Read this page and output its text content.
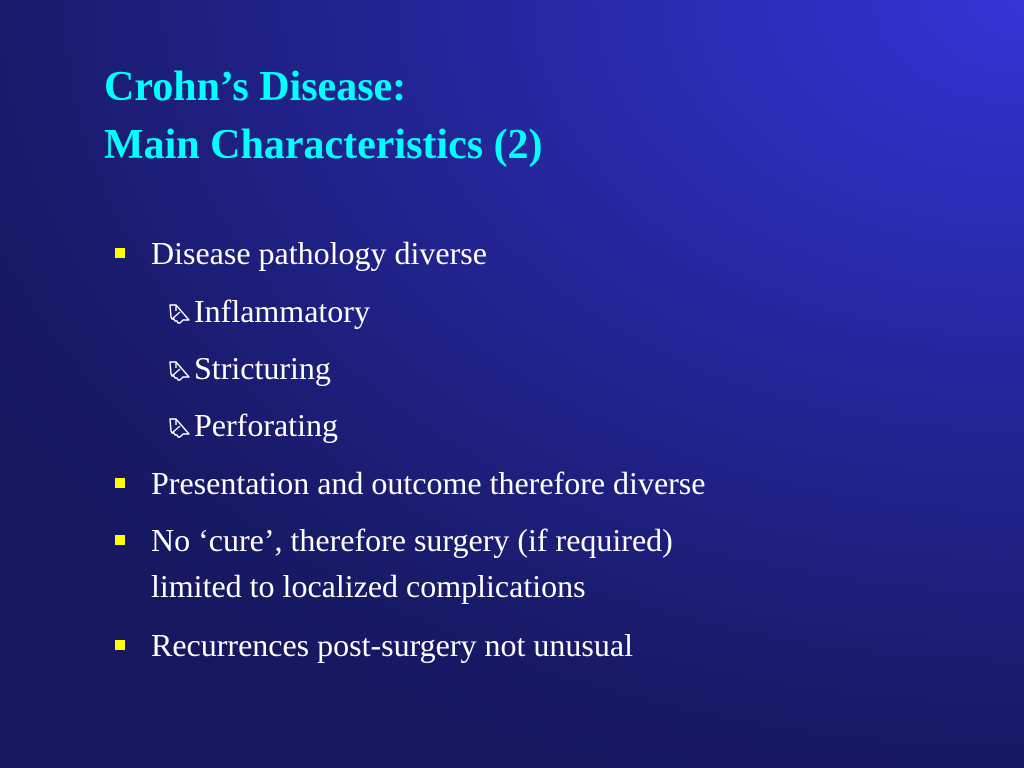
Crohn’s Disease:
Main Characteristics (2)
Disease pathology diverse
Inflammatory
Stricturing
Perforating
Presentation and outcome therefore diverse
No ‘cure’, therefore surgery (if required)
limited to localized complications
Recurrences post-surgery not unusual
